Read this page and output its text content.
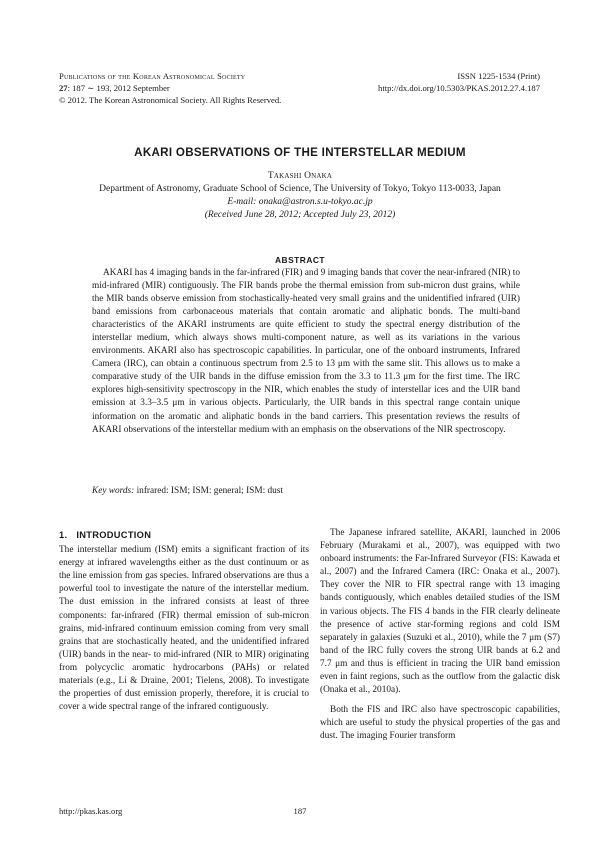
Publications of the Korean Astronomical Society
27: 187 ∼ 193, 2012 September
© 2012. The Korean Astronomical Society. All Rights Reserved.
ISSN 1225-1534 (Print)
http://dx.doi.org/10.5303/PKAS.2012.27.4.187
AKARI OBSERVATIONS OF THE INTERSTELLAR MEDIUM
Takashi Onaka
Department of Astronomy, Graduate School of Science, The University of Tokyo, Tokyo 113-0033, Japan
E-mail: onaka@astron.s.u-tokyo.ac.jp
(Received June 28, 2012; Accepted July 23, 2012)
ABSTRACT

AKARI has 4 imaging bands in the far-infrared (FIR) and 9 imaging bands that cover the near-infrared (NIR) to mid-infrared (MIR) contiguously. The FIR bands probe the thermal emission from sub-micron dust grains, while the MIR bands observe emission from stochastically-heated very small grains and the unidentified infrared (UIR) band emissions from carbonaceous materials that contain aromatic and aliphatic bonds. The multi-band characteristics of the AKARI instruments are quite efficient to study the spectral energy distribution of the interstellar medium, which always shows multi-component nature, as well as its variations in the various environments. AKARI also has spectroscopic capabilities. In particular, one of the onboard instruments, Infrared Camera (IRC), can obtain a continuous spectrum from 2.5 to 13 μm with the same slit. This allows us to make a comparative study of the UIR bands in the diffuse emission from the 3.3 to 11.3 μm for the first time. The IRC explores high-sensitivity spectroscopy in the NIR, which enables the study of interstellar ices and the UIR band emission at 3.3–3.5 μm in various objects. Particularly, the UIR bands in this spectral range contain unique information on the aromatic and aliphatic bonds in the band carriers. This presentation reviews the results of AKARI observations of the interstellar medium with an emphasis on the observations of the NIR spectroscopy.

Key words: infrared: ISM; ISM: general; ISM: dust

1. INTRODUCTION

The interstellar medium (ISM) emits a significant fraction of its energy at infrared wavelengths either as the dust continuum or as the line emission from gas species. Infrared observations are thus a powerful tool to investigate the nature of the interstellar medium. The dust emission in the infrared consists at least of three components: far-infrared (FIR) thermal emission of sub-micron grains, mid-infrared continuum emission coming from very small grains that are stochastically heated, and the unidentified infrared (UIR) bands in the near- to mid-infrared (NIR to MIR) originating from polycyclic aromatic hydrocarbons (PAHs) or related materials (e.g., Li & Draine, 2001; Tielens, 2008). To investigate the properties of dust emission properly, therefore, it is crucial to cover a wide spectral range of the infrared contiguously.

The Japanese infrared satellite, AKARI, launched in 2006 February (Murakami et al., 2007), was equipped with two onboard instruments: the Far-Infrared Surveyor (FIS: Kawada et al., 2007) and the Infrared Camera (IRC: Onaka et al., 2007). They cover the NIR to FIR spectral range with 13 imaging bands contiguously, which enables detailed studies of the ISM in various objects. The FIS 4 bands in the FIR clearly delineate the presence of active star-forming regions and cold ISM separately in galaxies (Suzuki et al., 2010), while the 7 μm (S7) band of the IRC fully covers the strong UIR bands at 6.2 and 7.7 μm and thus is efficient in tracing the UIR band emission even in faint regions, such as the outflow from the galactic disk (Onaka et al., 2010a).

Both the FIS and IRC also have spectroscopic capabilities, which are useful to study the physical properties of the gas and dust. The imaging Fourier transform

http://pkas.kas.org	187
